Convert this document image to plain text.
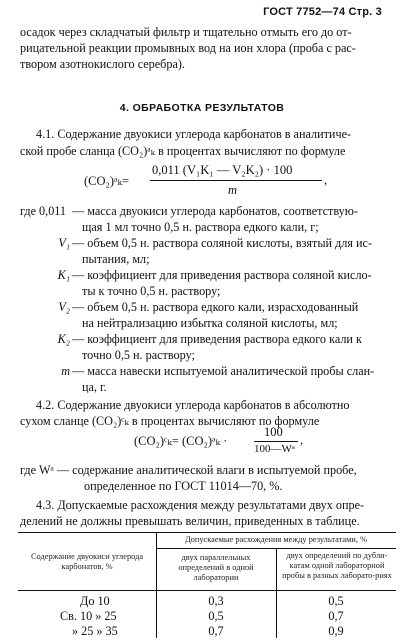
ГОСТ 7752—74 Стр. 3
осадок через складчатый фильтр и тщательно отмыть его до от-
рицательной реакции промывных вод на ион хлора (проба с рас-
твором азотнокислого серебра).
4. ОБРАБОТКА РЕЗУЛЬТАТОВ
4.1. Содержание двуокиси углерода карбонатов в аналитиче-
ской пробе сланца (CO₂)ᵃₖ в процентах вычисляют по формуле
(CO₂)ᵃₖ=
0,011 (V₁K₁ — V₂K₂) · 100
m
,
где 0,011 — масса двуокиси углерода карбонатов, соответствую-
щая 1 мл точно 0,5 н. раствора едкого кали, г;
V₁ — объем 0,5 н. раствора соляной кислоты, взятый для ис-
пытания, мл;
K₁ — коэффициент для приведения раствора соляной кисло-
ты к точно 0,5 н. раствору;
V₂ — объем 0,5 н. раствора едкого кали, израсходованный
на нейтрализацию избытка соляной кислоты, мл;
K₂ — коэффициент для приведения раствора едкого кали к
точно 0,5 н. раствору;
m — масса навески испытуемой аналитической пробы слан-
ца, г.
4.2. Содержание двуокиси углерода карбонатов в абсолютно
сухом сланце (CO₂)ᶜₖ в процентах вычисляют по формуле
(CO₂)ᶜₖ= (CO₂)ᵃₖ ·
100
100—Wᵃ
,
где Wᵃ — содержание аналитической влаги в испытуемой пробе,
определенное по ГОСТ 11014—70, %.
4.3. Допускаемые расхождения между результатами двух опре-
делений не должны превышать величин, приведенных в таблице.
Содержание двуокиси углерода карбонатов, %
Допускаемые расхождения между результатами, %
двух параллельных определений в одной лаборатории
двух определений по дубли-катам одной лабораторной пробы в разных лаборато-риях
До 10	0,3	0,5
Св. 10 » 25	0,5	0,7
» 25 » 35	0,7	0,9
